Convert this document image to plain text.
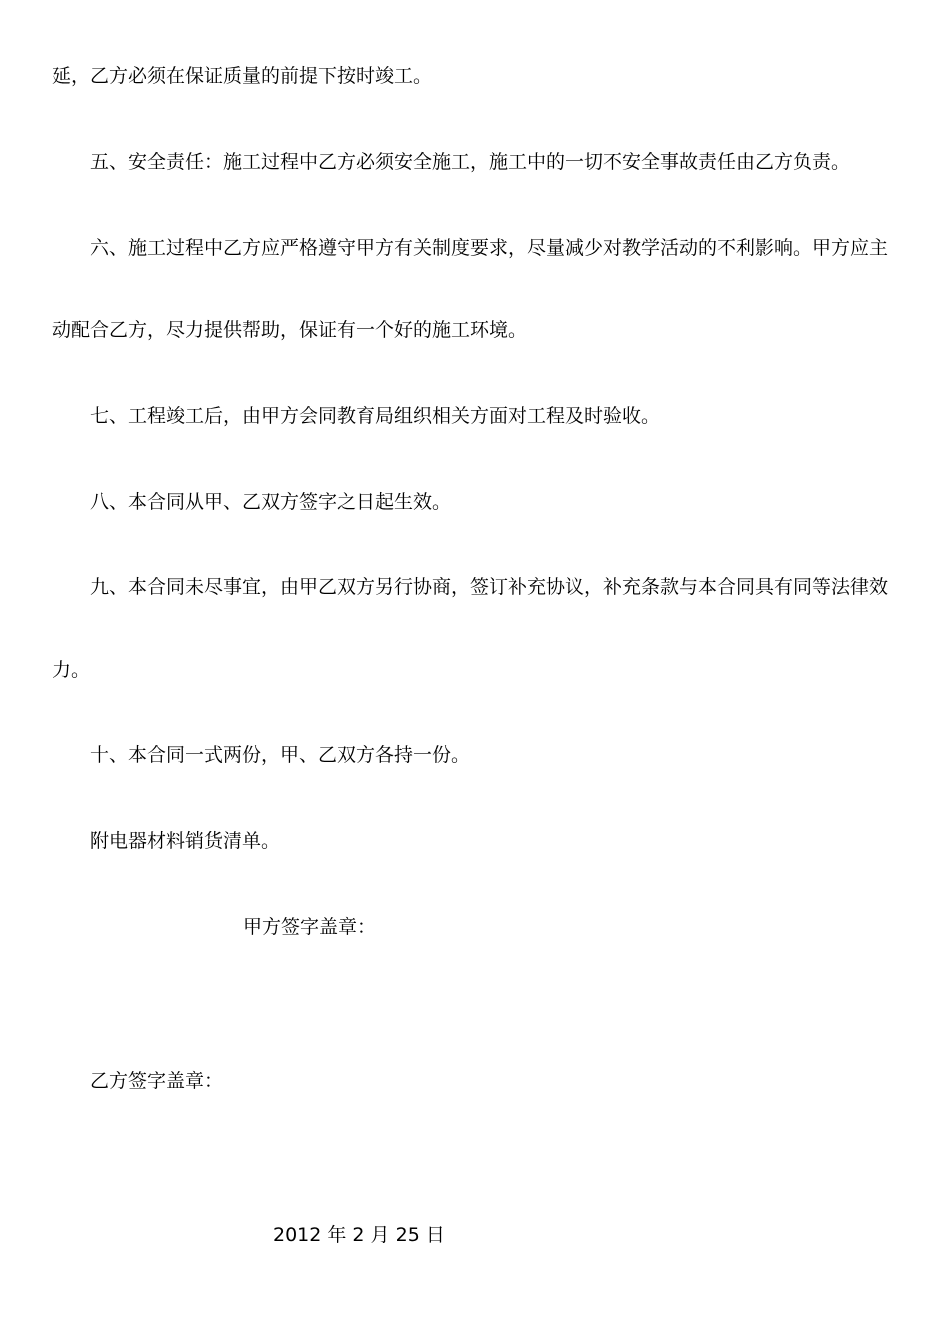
延，乙方必须在保证质量的前提下按时竣工。
五、安全责任：施工过程中乙方必须安全施工，施工中的一切不安全事故责任由乙方负责。
六、施工过程中乙方应严格遵守甲方有关制度要求，尽量减少对教学活动的不利影响。甲方应主
动配合乙方，尽力提供帮助，保证有一个好的施工环境。
七、工程竣工后，由甲方会同教育局组织相关方面对工程及时验收。
八、本合同从甲、乙双方签字之日起生效。
九、本合同未尽事宜，由甲乙双方另行协商，签订补充协议，补充条款与本合同具有同等法律效
力。
十、本合同一式两份，甲、乙双方各持一份。
附电器材料销货清单。
甲方签字盖章：
乙方签字盖章：
2012 年 2 月 25 日
